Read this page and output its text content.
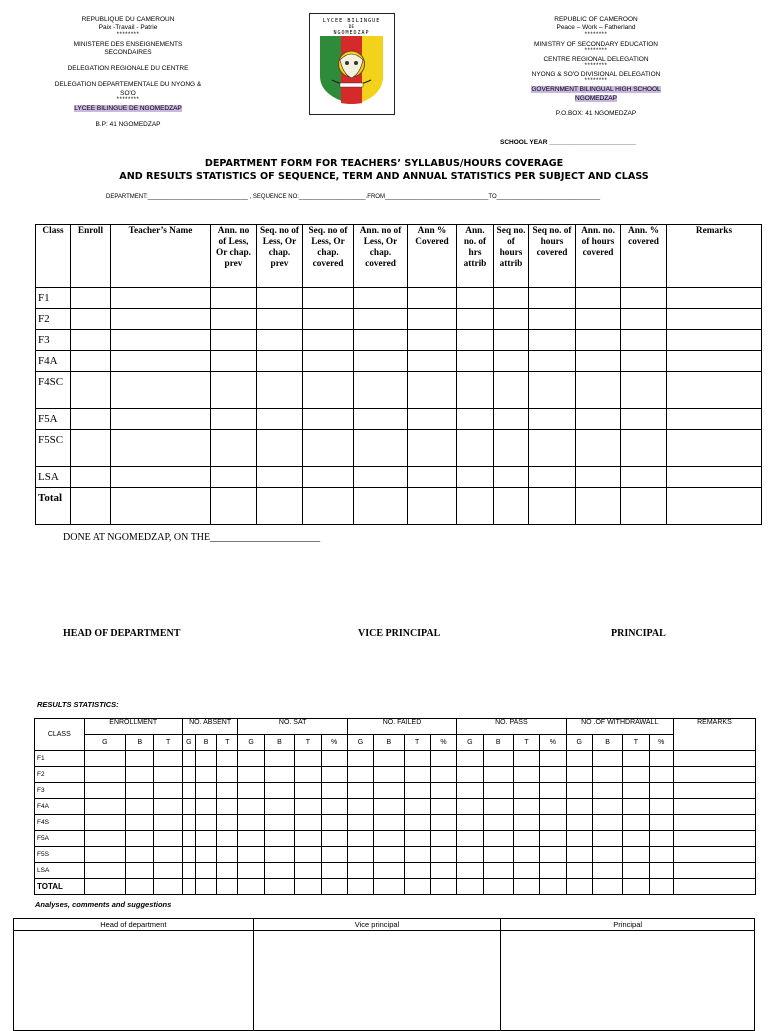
REPUBLIQUE DU CAMEROUN
Paix -Travail - Patrie
********
MINISTERE DES ENSEIGNEMENTS SECONDAIRES
DELEGATION REGIONALE DU CENTRE
DELEGATION DEPARTEMENTALE DU NYONG & SO'O
********
LYCEE BILINGUE DE NGOMEDZAP
B.P: 41 NGOMEDZAP
LYCEE BILINGUE
DE
NGOMEDZAP
REPUBLIC OF CAMEROON
Peace – Work – Fatherland
********
MINISTRY OF SECONDARY EDUCATION
********
CENTRE REGIONAL DELEGATION
********
NYONG & SO'O DIVISIONAL DELEGATION
********
GOVERNMENT BILINGUAL HIGH SCHOOL NGOMEDZAP
P.O.BOX: 41 NGOMEDZAP
SCHOOL YEAR ________________________
DEPARTMENT FORM FOR TEACHERS’ SYLLABUS/HOURS COVERAGE
AND RESULTS STATISTICS OF SEQUENCE, TERM AND ANNUAL STATISTICS PER SUBJECT AND CLASS
DEPARTMENT:______________________________ , SEQUENCE NO:____________________.FROM_______________________________TO_______________________________
Class	Enroll	Teacher’s Name	Ann. no of Less, Or chap. prev	Seq. no of Less, Or chap. prev	Seq. no of Less, Or chap. covered	Ann. no of Less, Or chap. covered	Ann % Covered	Ann. no. of hrs attrib	Seq no. of hours attrib	Seq no. of hours covered	Ann. no. of hours covered	Ann. % covered	Remarks
F1													
F2													
F3													
F4A													
F4SC													
F5A													
F5SC													
LSA													
Total													
DONE AT NGOMEDZAP, ON THE______________________
HEAD OF DEPARTMENT	VICE PRINCIPAL	PRINCIPAL
RESULTS STATISTICS:
CLASS	ENROLLMENT			NO. ABSENT			NO. SAT				NO. FAILED				NO. PASS				NO .OF WITHDRAWALL				REMARKS
	G	B	T	G	B	T	G	B	T	%	G	B	T	%	G	B	T	%	G	B	T	%	
F1																							
F2																							
F3																							
F4A																							
F4S																							
F5A																							
F5S																							
LSA																							
TOTAL																							
Analyses, comments and suggestions
Head of department	Vice principal	Principal
